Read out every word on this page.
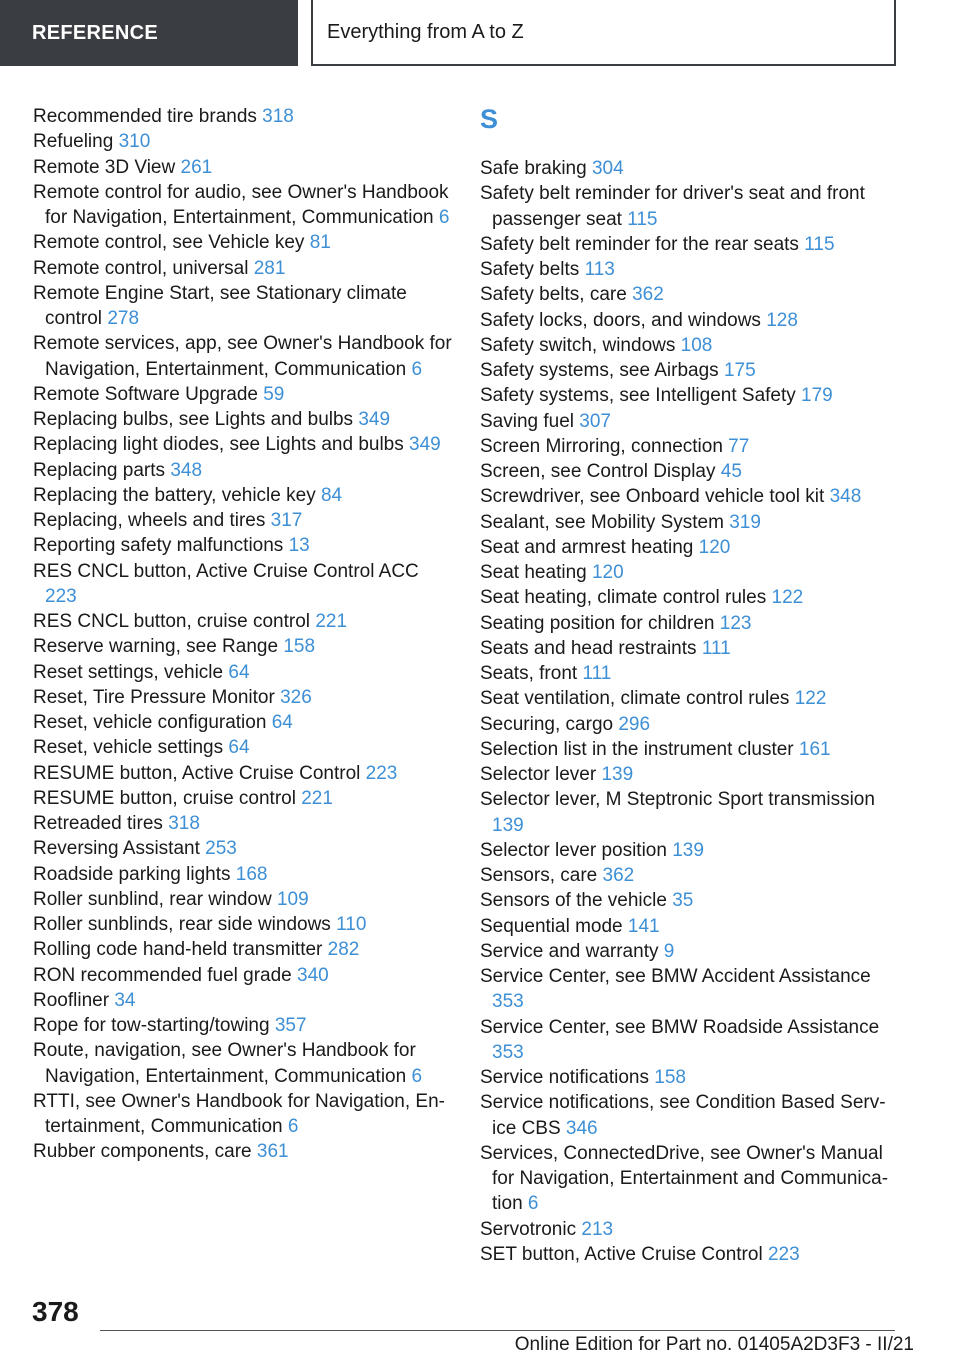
REFERENCE	Everything from A to Z
Recommended tire brands 318
Refueling 310
Remote 3D View 261
Remote control for audio, see Owner's Handbook for Navigation, Entertainment, Communication 6
Remote control, see Vehicle key 81
Remote control, universal 281
Remote Engine Start, see Stationary climate control 278
Remote services, app, see Owner's Handbook for Navigation, Entertainment, Communication 6
Remote Software Upgrade 59
Replacing bulbs, see Lights and bulbs 349
Replacing light diodes, see Lights and bulbs 349
Replacing parts 348
Replacing the battery, vehicle key 84
Replacing, wheels and tires 317
Reporting safety malfunctions 13
RES CNCL button, Active Cruise Control ACC 223
RES CNCL button, cruise control 221
Reserve warning, see Range 158
Reset settings, vehicle 64
Reset, Tire Pressure Monitor 326
Reset, vehicle configuration 64
Reset, vehicle settings 64
RESUME button, Active Cruise Control 223
RESUME button, cruise control 221
Retreaded tires 318
Reversing Assistant 253
Roadside parking lights 168
Roller sunblind, rear window 109
Roller sunblinds, rear side windows 110
Rolling code hand-held transmitter 282
RON recommended fuel grade 340
Roofliner 34
Rope for tow-starting/towing 357
Route, navigation, see Owner's Handbook for Navigation, Entertainment, Communication 6
RTTI, see Owner's Handbook for Navigation, Entertainment, Communication 6
Rubber components, care 361
S
Safe braking 304
Safety belt reminder for driver's seat and front passenger seat 115
Safety belt reminder for the rear seats 115
Safety belts 113
Safety belts, care 362
Safety locks, doors, and windows 128
Safety switch, windows 108
Safety systems, see Airbags 175
Safety systems, see Intelligent Safety 179
Saving fuel 307
Screen Mirroring, connection 77
Screen, see Control Display 45
Screwdriver, see Onboard vehicle tool kit 348
Sealant, see Mobility System 319
Seat and armrest heating 120
Seat heating 120
Seat heating, climate control rules 122
Seating position for children 123
Seats and head restraints 111
Seats, front 111
Seat ventilation, climate control rules 122
Securing, cargo 296
Selection list in the instrument cluster 161
Selector lever 139
Selector lever, M Steptronic Sport transmission 139
Selector lever position 139
Sensors, care 362
Sensors of the vehicle 35
Sequential mode 141
Service and warranty 9
Service Center, see BMW Accident Assistance 353
Service Center, see BMW Roadside Assistance 353
Service notifications 158
Service notifications, see Condition Based Service CBS 346
Services, ConnectedDrive, see Owner's Manual for Navigation, Entertainment and Communication 6
Servotronic 213
SET button, Active Cruise Control 223
378
Online Edition for Part no. 01405A2D3F3 - II/21
